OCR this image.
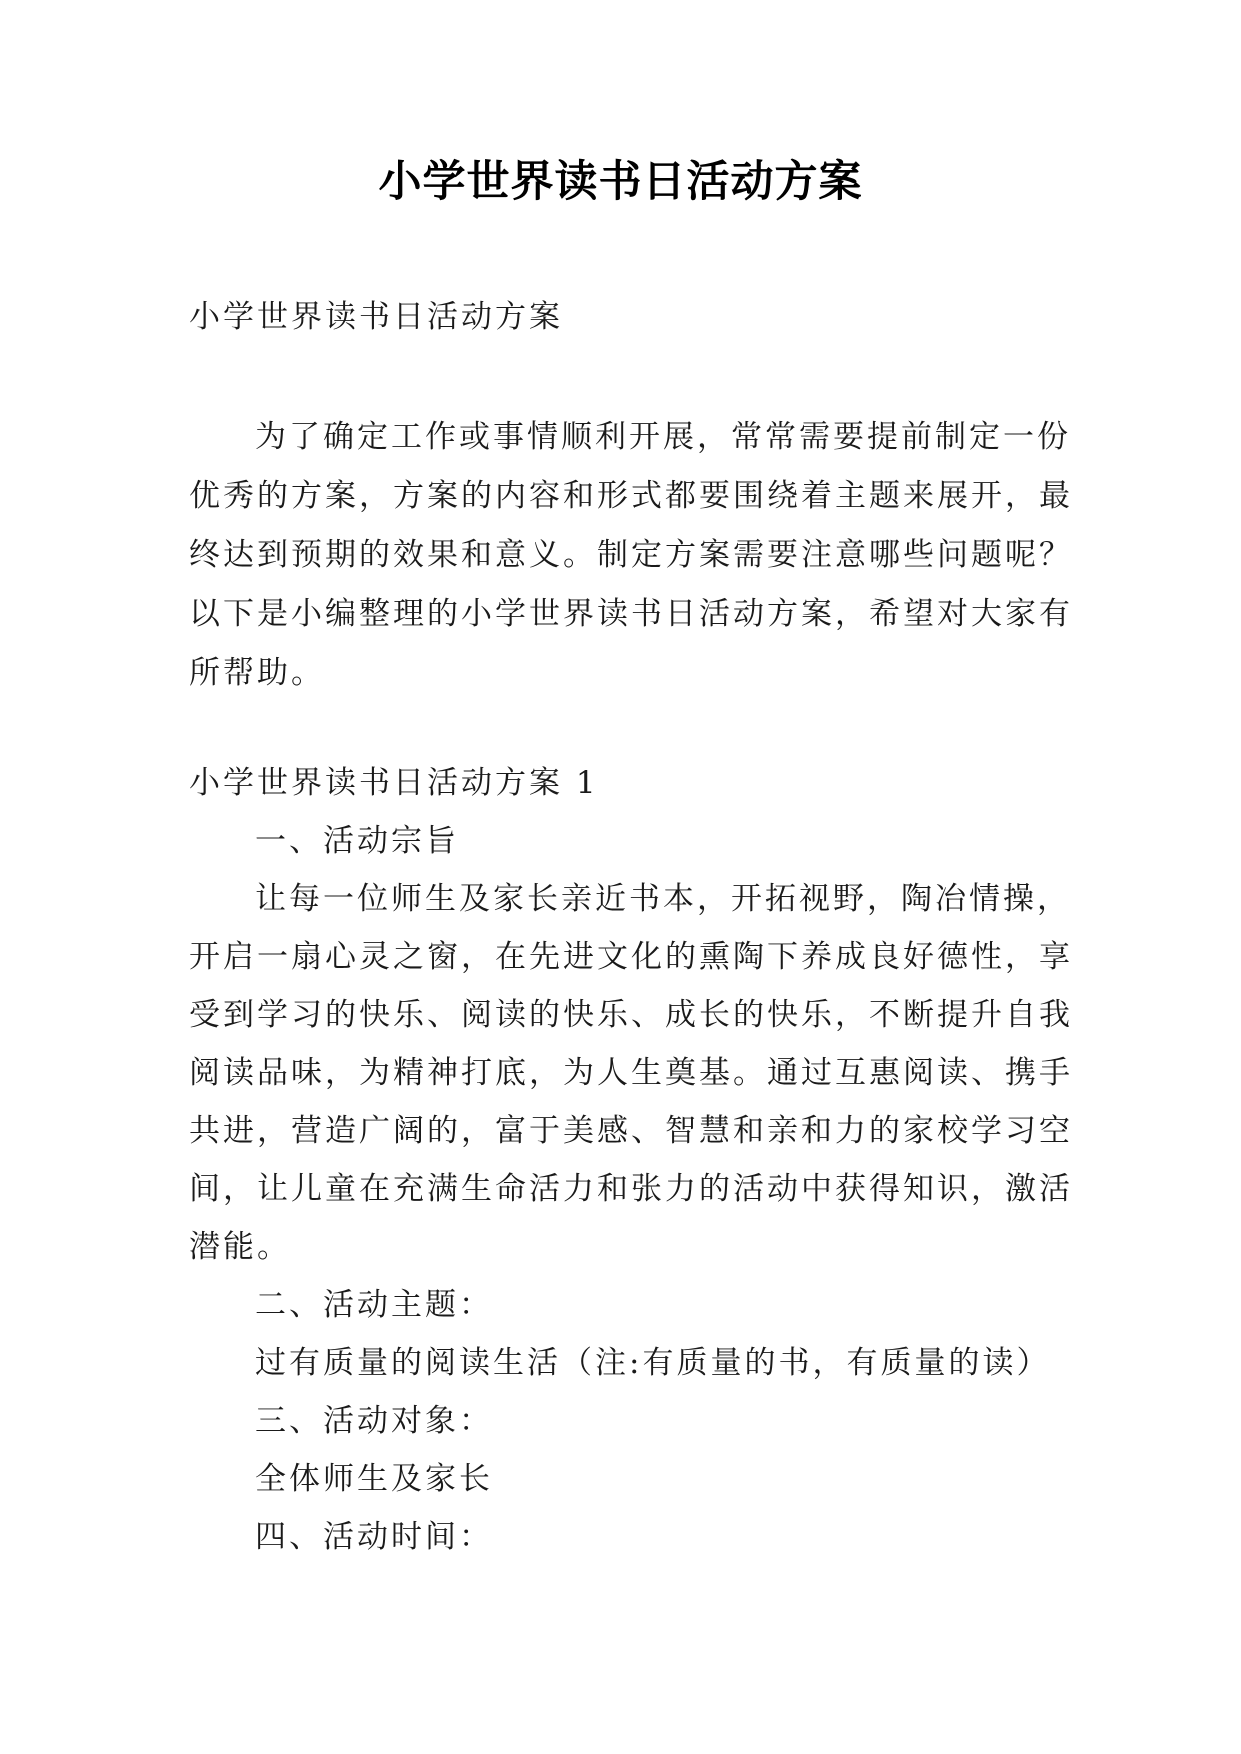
小学世界读书日活动方案

小学世界读书日活动方案

为了确定工作或事情顺利开展，常常需要提前制定一份优秀的方案，方案的内容和形式都要围绕着主题来展开，最终达到预期的效果和意义。制定方案需要注意哪些问题呢？以下是小编整理的小学世界读书日活动方案，希望对大家有所帮助。

小学世界读书日活动方案 1

一、活动宗旨

让每一位师生及家长亲近书本，开拓视野，陶冶情操，开启一扇心灵之窗，在先进文化的熏陶下养成良好德性，享受到学习的快乐、阅读的快乐、成长的快乐，不断提升自我阅读品味，为精神打底，为人生奠基。通过互惠阅读、携手共进，营造广阔的，富于美感、智慧和亲和力的家校学习空间，让儿童在充满生命活力和张力的活动中获得知识，激活潜能。

二、活动主题：

过有质量的阅读生活（注:有质量的书，有质量的读）

三、活动对象：

全体师生及家长

四、活动时间：
